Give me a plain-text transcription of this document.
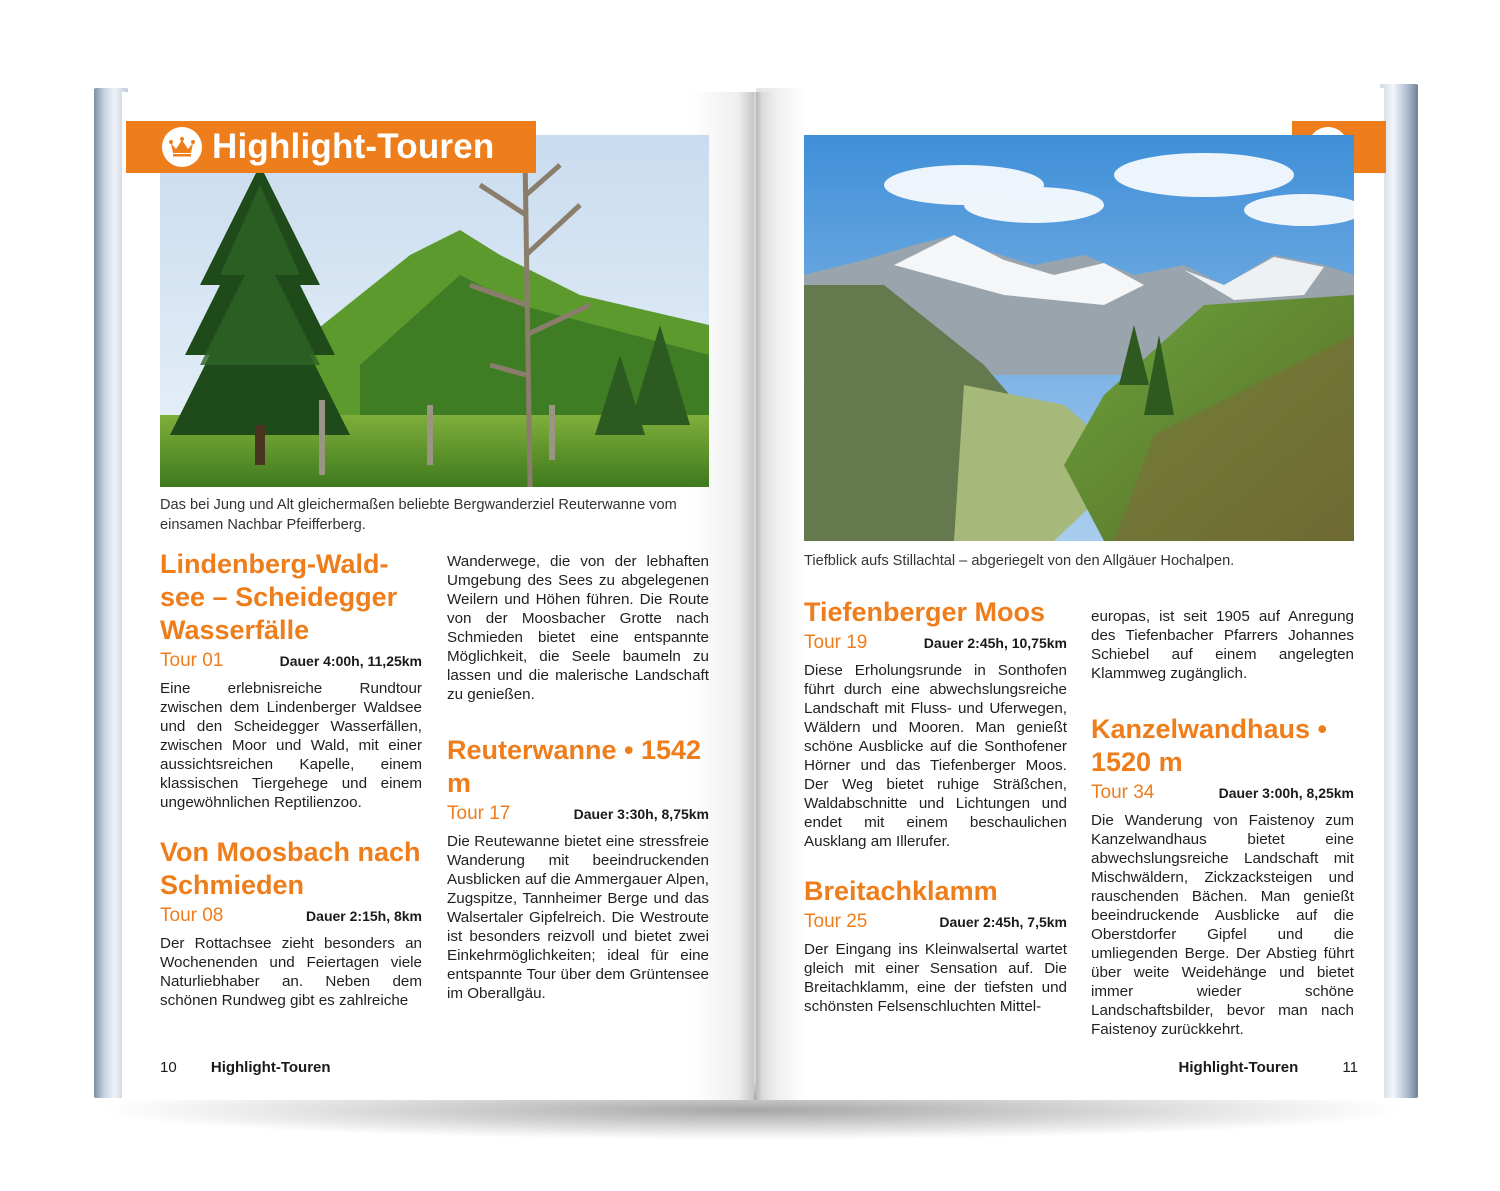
Das bei Jung und Alt gleichermaßen beliebte Bergwanderziel Reuterwanne vom einsamen Nachbar Pfeifferberg.
Lindenberg-Wald-see – Scheidegger Wasserfälle
Tour 01	Dauer 4:00h, 11,25km

Eine erlebnisreiche Rundtour zwischen dem Lindenberger Waldsee und den Scheidegger Wasserfällen, zwischen Moor und Wald, mit einer aussichtsreichen Kapelle, einem klassischen Tiergehege und einem ungewöhnlichen Reptilienzoo.

Von Moosbach nach Schmieden
Tour 08	Dauer 2:15h, 8km

Der Rottachsee zieht besonders an Wochenenden und Feiertagen viele Naturliebhaber an. Neben dem schönen Rundweg gibt es zahlreiche

Wanderwege, die von der lebhaften Umgebung des Sees zu abgelegenen Weilern und Höhen führen. Die Route von der Moosbacher Grotte nach Schmieden bietet eine entspannte Möglichkeit, die Seele baumeln zu lassen und die malerische Landschaft zu genießen.

Reuterwanne • 1542 m
Tour 17	Dauer 3:30h, 8,75km

Die Reutewanne bietet eine stressfreie Wanderung mit beeindruckenden Ausblicken auf die Ammergauer Alpen, Zugspitze, Tannheimer Berge und das Walsertaler Gipfelreich. Die Westroute ist besonders reizvoll und bietet zwei Einkehrmöglichkeiten; ideal für eine entspannte Tour über dem Grüntensee im Oberallgäu.

10 Highlight-Touren
Highlight-Touren
Tiefblick aufs Stillachtal – abgeriegelt von den Allgäuer Hochalpen.
Tiefenberger Moos
Tour 19	Dauer 2:45h, 10,75km

Diese Erholungsrunde in Sonthofen führt durch eine abwechslungsreiche Landschaft mit Fluss- und Uferwegen, Wäldern und Mooren. Man genießt schöne Ausblicke auf die Sonthofener Hörner und das Tiefenberger Moos. Der Weg bietet ruhige Sträßchen, Waldabschnitte und Lichtungen und endet mit einem beschaulichen Ausklang am Illerufer.

Breitachklamm
Tour 25	Dauer 2:45h, 7,5km

Der Eingang ins Kleinwalsertal wartet gleich mit einer Sensation auf. Die Breitachklamm, eine der tiefsten und schönsten Felsenschluchten Mittel-

europas, ist seit 1905 auf Anregung des Tiefenbacher Pfarrers Johannes Schiebel auf einem angelegten Klammweg zugänglich.

Kanzelwandhaus • 1520 m
Tour 34	Dauer 3:00h, 8,25km

Die Wanderung von Faistenoy zum Kanzelwandhaus bietet eine abwechslungsreiche Landschaft mit Mischwäldern, Zickzacksteigen und rauschenden Bächen. Man genießt beeindruckende Ausblicke auf die Oberstdorfer Gipfel und die umliegenden Berge. Der Abstieg führt über weite Weidehänge und bietet immer wieder schöne Landschaftsbilder, bevor man nach Faistenoy zurückkehrt.

Highlight-Touren	11
